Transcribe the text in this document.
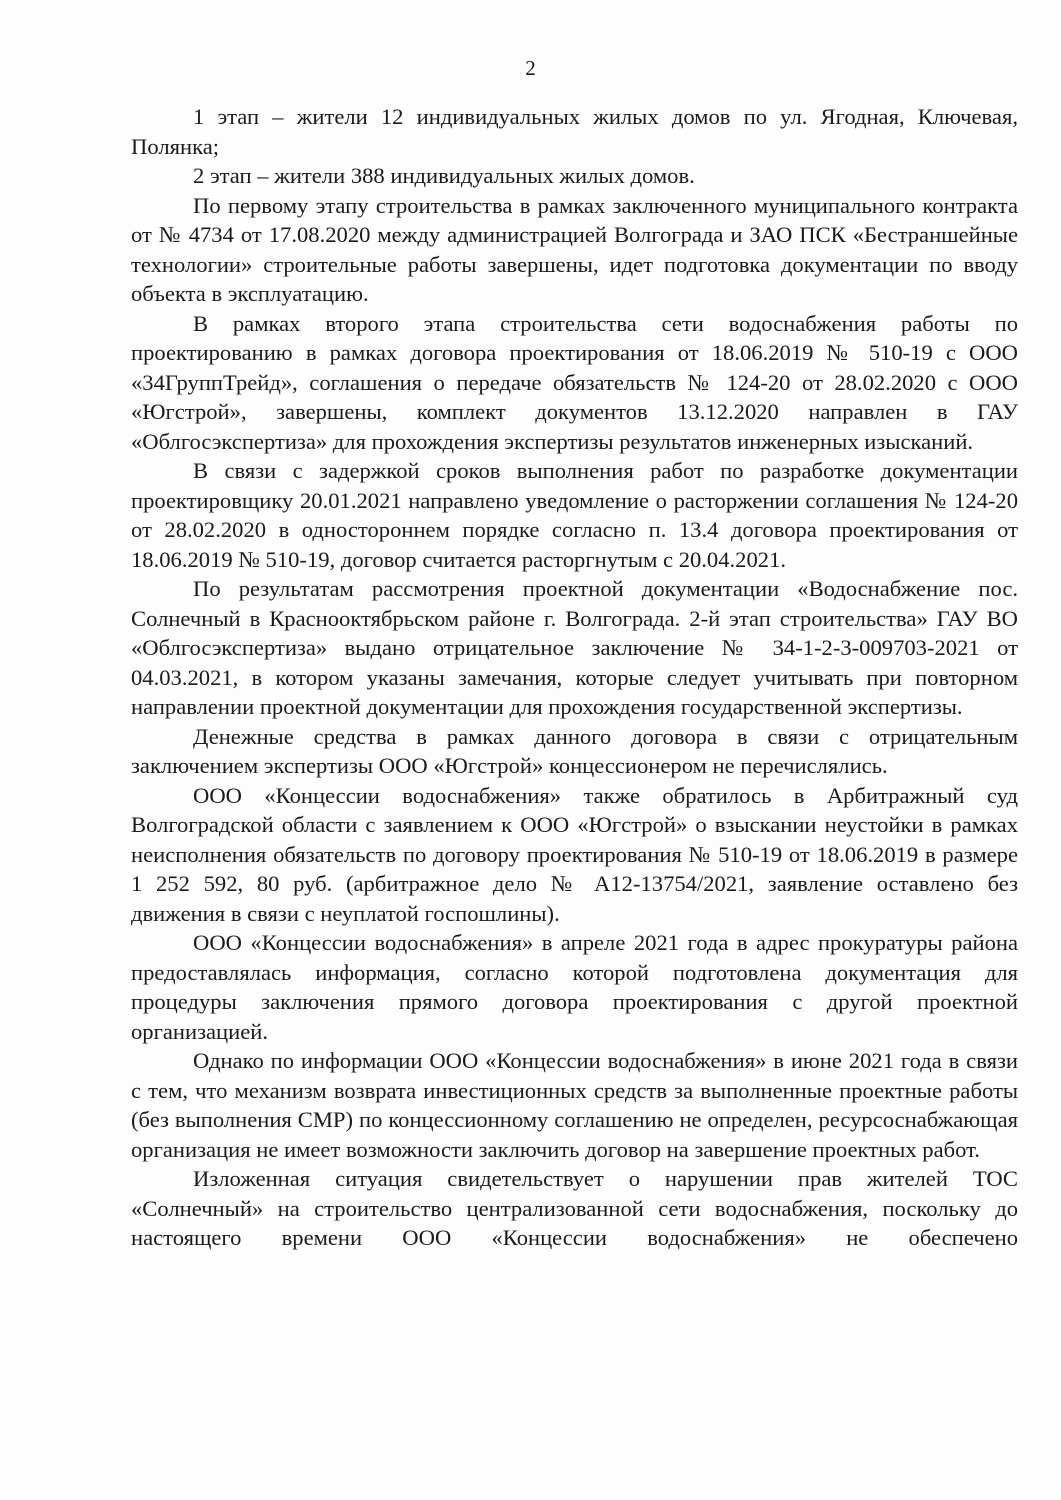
2

1 этап – жители 12 индивидуальных жилых домов по ул. Ягодная, Ключевая, Полянка;

2 этап – жители 388 индивидуальных жилых домов.

По первому этапу строительства в рамках заключенного муниципального контракта от № 4734 от 17.08.2020 между администрацией Волгограда и ЗАО ПСК «Бестраншейные технологии» строительные работы завершены, идет подготовка документации по вводу объекта в эксплуатацию.

В рамках второго этапа строительства сети водоснабжения работы по проектированию в рамках договора проектирования от 18.06.2019 № 510-19 с ООО «34ГруппТрейд», соглашения о передаче обязательств № 124-20 от 28.02.2020 с ООО «Югстрой», завершены, комплект документов 13.12.2020 направлен в ГАУ «Облгосэкспертиза» для прохождения экспертизы результатов инженерных изысканий.

В связи с задержкой сроков выполнения работ по разработке документации проектировщику 20.01.2021 направлено уведомление о расторжении соглашения № 124-20 от 28.02.2020 в одностороннем порядке согласно п. 13.4 договора проектирования от 18.06.2019 № 510-19, договор считается расторгнутым с 20.04.2021.

По результатам рассмотрения проектной документации «Водоснабжение пос. Солнечный в Краснооктябрьском районе г. Волгограда. 2-й этап строительства» ГАУ ВО «Облгосэкспертиза» выдано отрицательное заключение № 34-1-2-3-009703-2021 от 04.03.2021, в котором указаны замечания, которые следует учитывать при повторном направлении проектной документации для прохождения государственной экспертизы.

Денежные средства в рамках данного договора в связи с отрицательным заключением экспертизы ООО «Югстрой» концессионером не перечислялись.

ООО «Концессии водоснабжения» также обратилось в Арбитражный суд Волгоградской области с заявлением к ООО «Югстрой» о взыскании неустойки в рамках неисполнения обязательств по договору проектирования № 510-19 от 18.06.2019 в размере 1 252 592, 80 руб. (арбитражное дело № А12-13754/2021, заявление оставлено без движения в связи с неуплатой госпошлины).

ООО «Концессии водоснабжения» в апреле 2021 года в адрес прокуратуры района предоставлялась информация, согласно которой подготовлена документация для процедуры заключения прямого договора проектирования с другой проектной организацией.

Однако по информации ООО «Концессии водоснабжения» в июне 2021 года в связи с тем, что механизм возврата инвестиционных средств за выполненные проектные работы (без выполнения СМР) по концессионному соглашению не определен, ресурсоснабжающая организация не имеет возможности заключить договор на завершение проектных работ.

Изложенная ситуация свидетельствует о нарушении прав жителей ТОС «Солнечный» на строительство централизованной сети водоснабжения, поскольку до настоящего времени ООО «Концессии водоснабжения» не обеспечено
